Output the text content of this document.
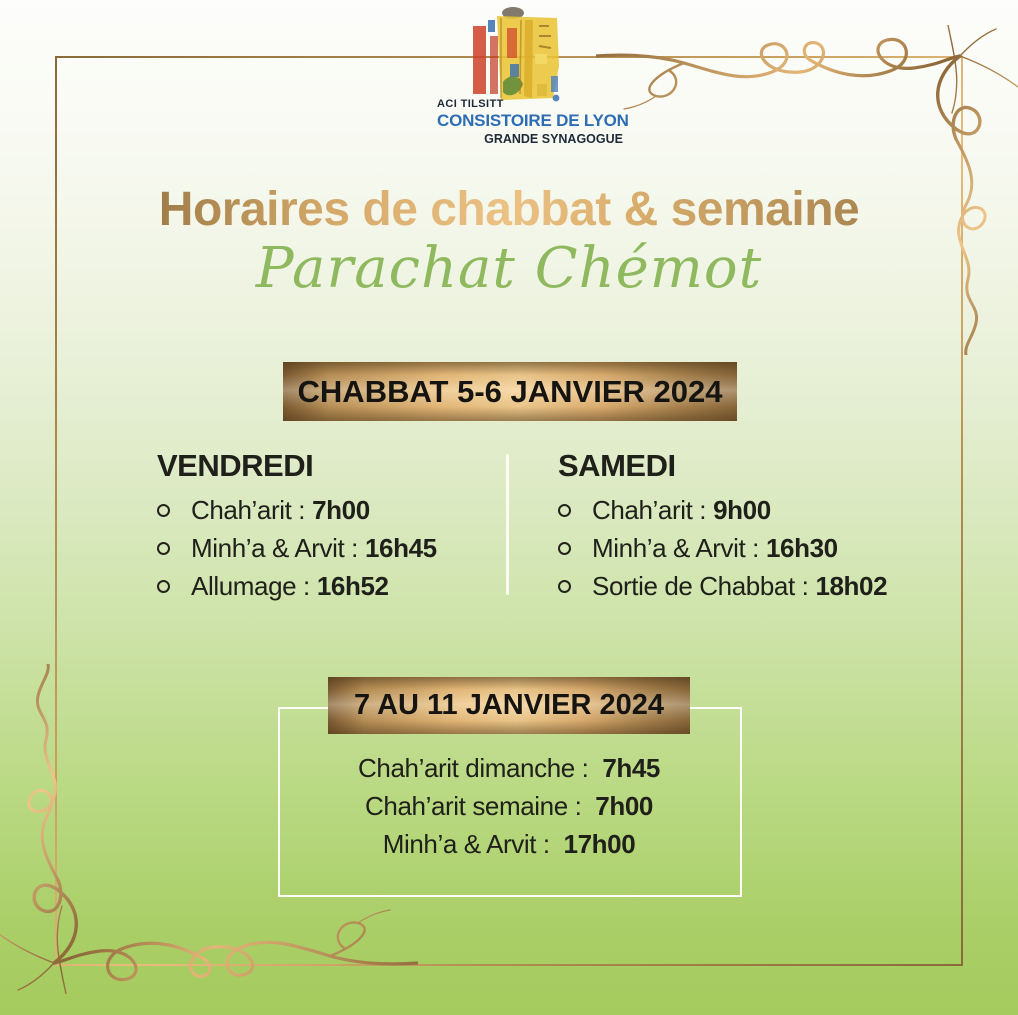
ACI TILSITT
CONSISTOIRE DE LYON
GRANDE SYNAGOGUE
Horaires de chabbat & semaine
Parachat Chémot
CHABBAT 5-6 JANVIER 2024
VENDREDI
Chah’arit : 7h00
Minh’a & Arvit : 16h45
Allumage : 16h52
SAMEDI
Chah’arit : 9h00
Minh’a & Arvit : 16h30
Sortie de Chabbat : 18h02
7 AU 11 JANVIER 2024
Chah’arit dimanche : 7h45
Chah’arit semaine : 7h00
Minh’a & Arvit : 17h00
